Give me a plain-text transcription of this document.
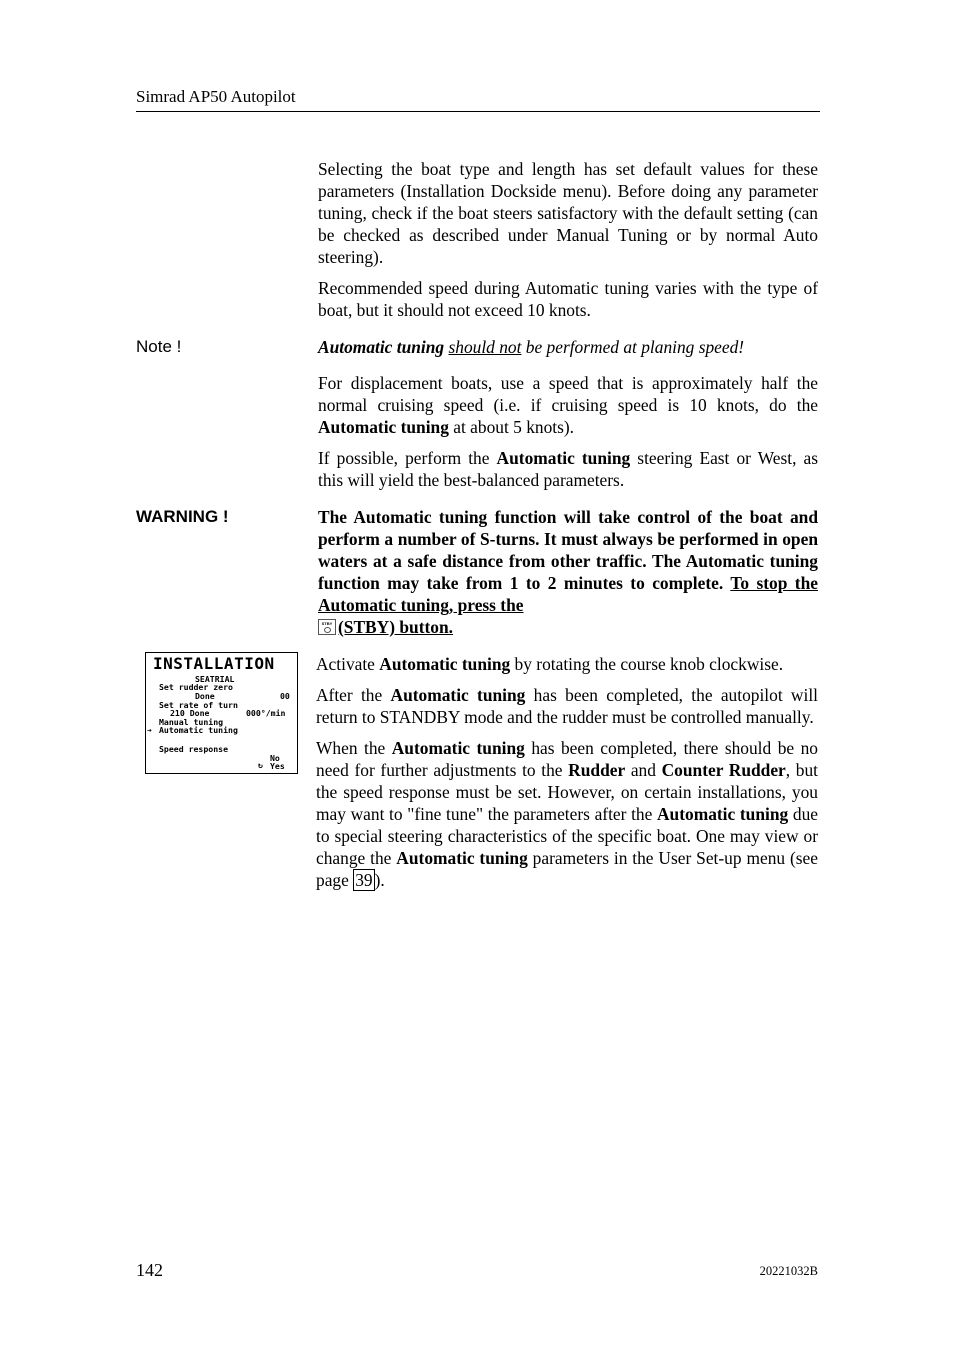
Simrad AP50 Autopilot

Selecting the boat type and length has set default values for these parameters (Installation Dockside menu). Before doing any parameter tuning, check if the boat steers satisfactory with the default setting (can be checked as described under Manual Tuning or by normal Auto steering).

Recommended speed during Automatic tuning varies with the type of boat, but it should not exceed 10 knots.

Note !	Automatic tuning should not be performed at planing speed!

For displacement boats, use a speed that is approximately half the normal cruising speed (i.e. if cruising speed is 10 knots, do the Automatic tuning at about 5 knots).

If possible, perform the Automatic tuning steering East or West, as this will yield the best-balanced parameters.

WARNING !	The Automatic tuning function will take control of the boat and perform a number of S-turns. It must always be performed in open waters at a safe distance from other traffic. The Automatic tuning function may take from 1 to 2 minutes to complete. To stop the Automatic tuning, press the

STBY (STBY) button.

INSTALLATION
SEATRIAL
Set rudder zero
Done	00
Set rate of turn
210 Done	000°/min
Manual tuning
➔ Automatic tuning
Speed response
No
Yes
↻

Activate Automatic tuning by rotating the course knob clockwise.

After the Automatic tuning has been completed, the autopilot will return to STANDBY mode and the rudder must be controlled manually.

When the Automatic tuning has been completed, there should be no need for further adjustments to the Rudder and Counter Rudder, but the speed response must be set. However, on certain installations, you may want to "fine tune" the parameters after the Automatic tuning due to special steering characteristics of the specific boat. One may view or change the Automatic tuning parameters in the User Set-up menu (see page 39 ).

142	20221032B
